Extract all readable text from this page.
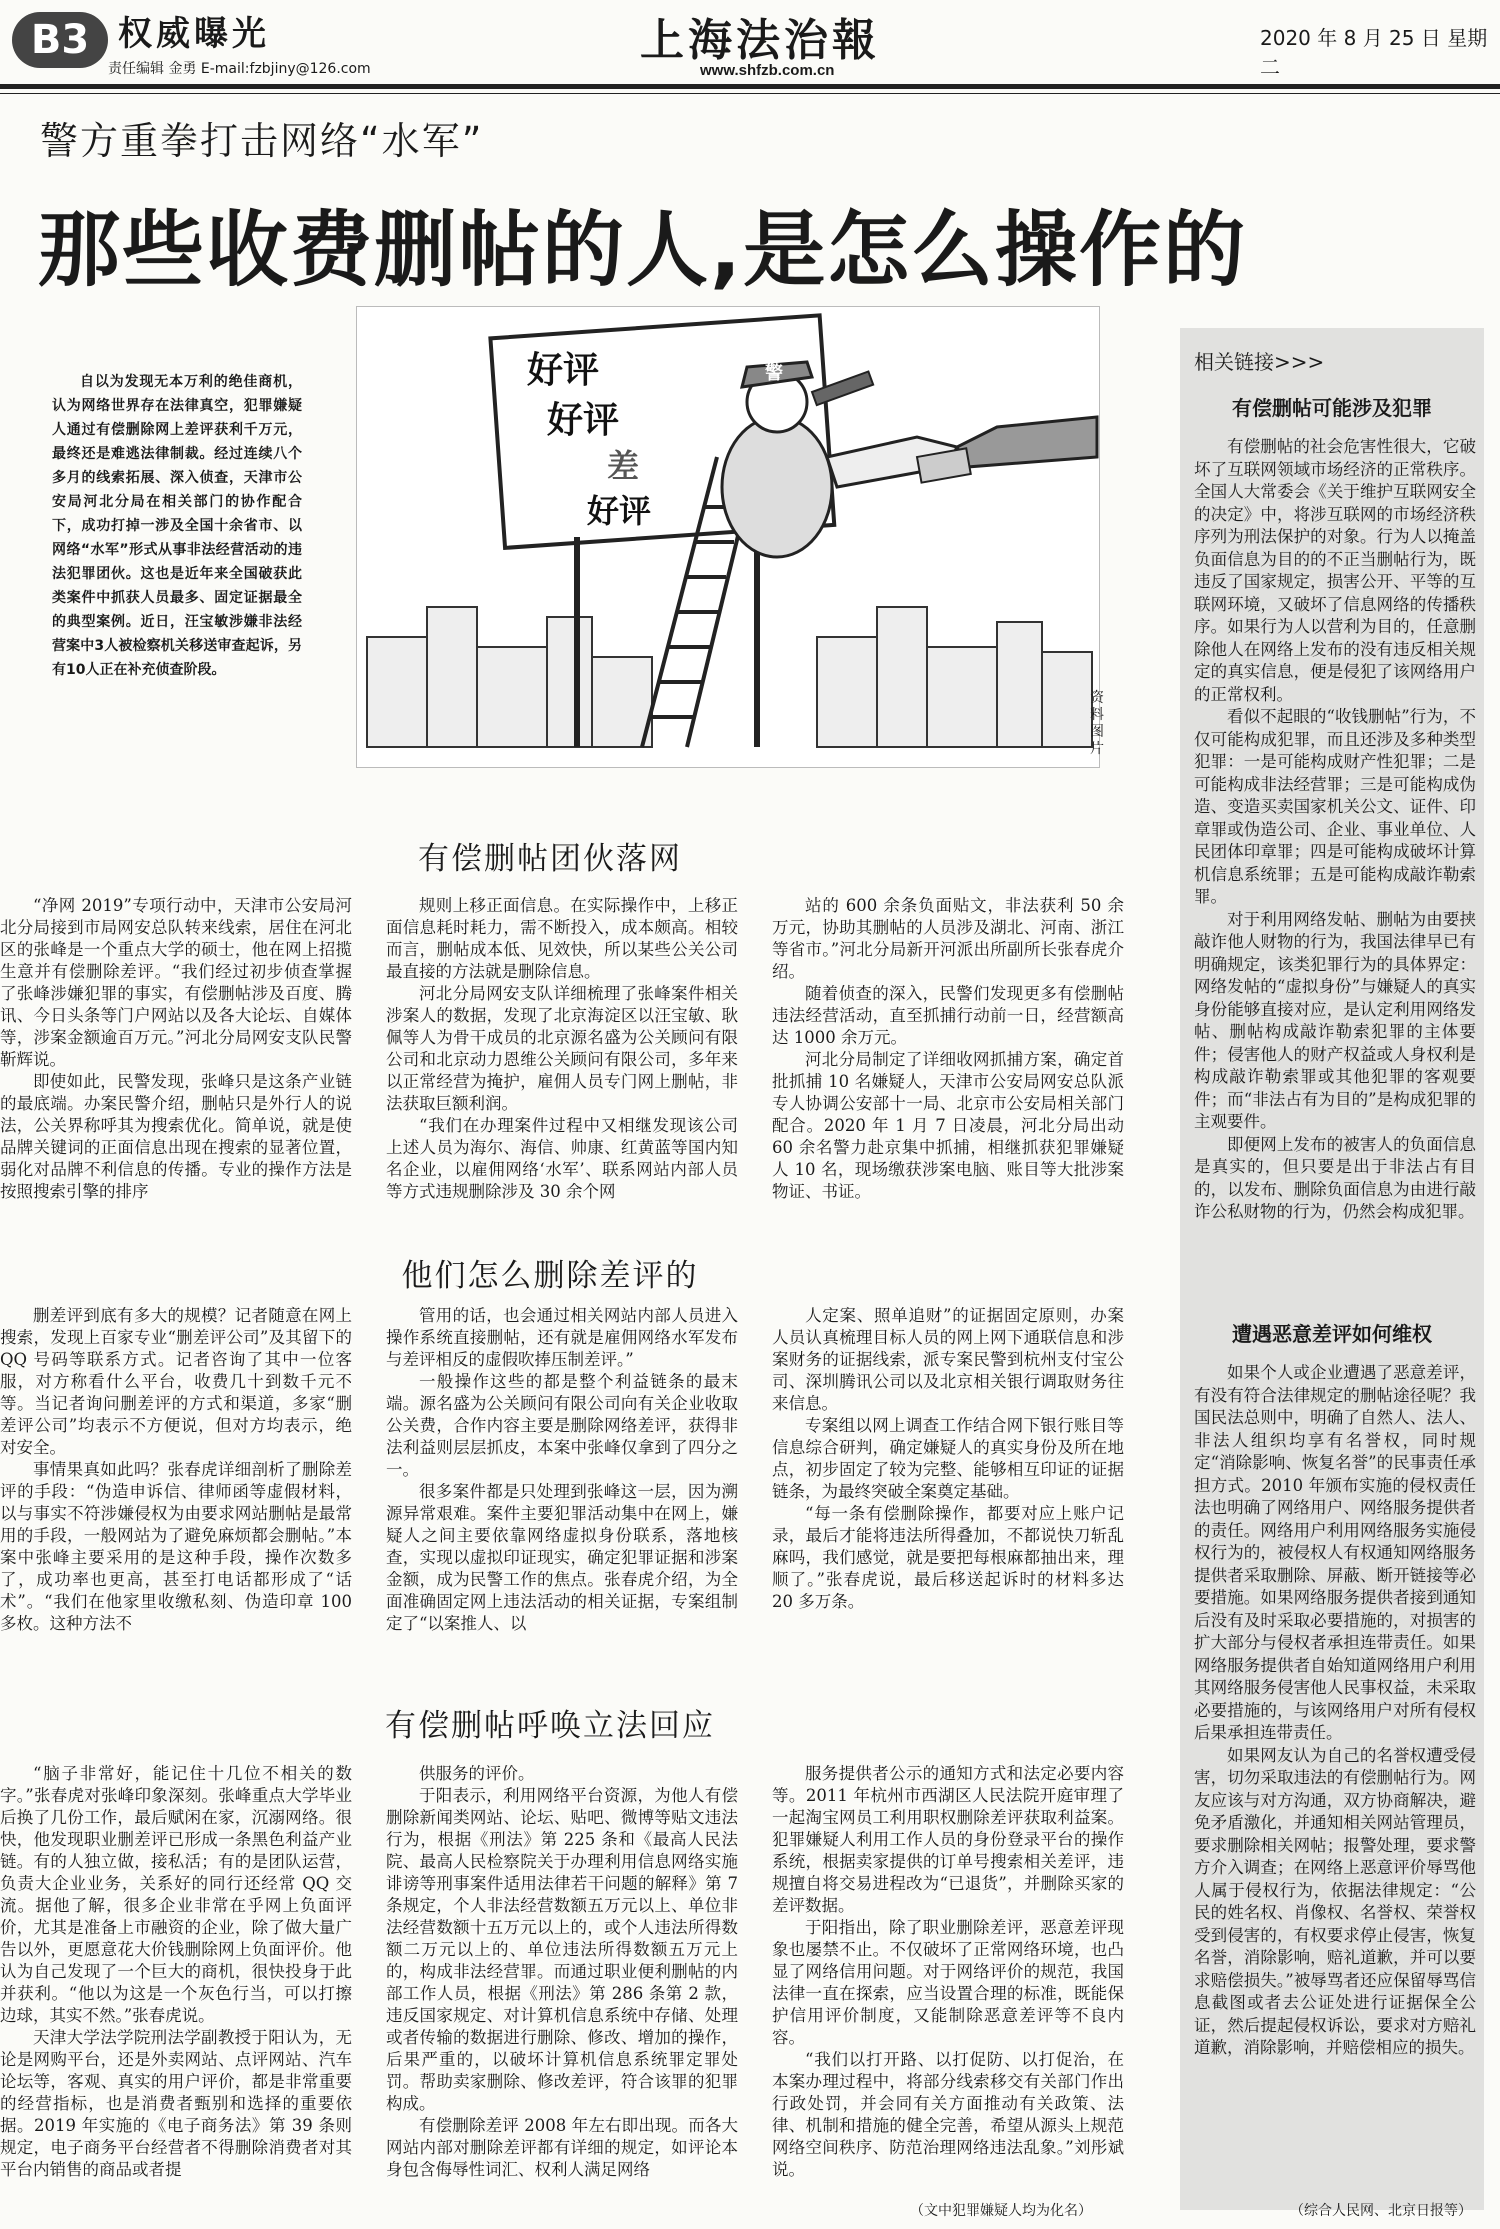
B3 权威曝光
责任编辑 金勇 E-mail:fzbjiny@126.com
上海法治報
www.shfzb.com.cn
2020 年 8 月 25 日 星期二
警方重拳打击网络“水军”
那些收费删帖的人,是怎么操作的
自以为发现无本万利的绝佳商机，认为网络世界存在法律真空，犯罪嫌疑人通过有偿删除网上差评获利千万元，最终还是难逃法律制裁。经过连续八个多月的线索拓展、深入侦查，天津市公安局河北分局在相关部门的协作配合下，成功打掉一涉及全国十余省市、以网络“水军”形式从事非法经营活动的违法犯罪团伙。这也是近年来全国破获此类案件中抓获人员最多、固定证据最全的典型案例。近日，汪宝敏涉嫌非法经营案中3人被检察机关移送审查起诉，另有10人正在补充侦查阶段。
好评
好评
差
好评
警
资料图片
有偿删帖团伙落网

“净网 2019”专项行动中，天津市公安局河北分局接到市局网安总队转来线索，居住在河北区的张峰是一个重点大学的硕士，他在网上招揽生意并有偿删除差评。“我们经过初步侦查掌握了张峰涉嫌犯罪的事实，有偿删帖涉及百度、腾讯、今日头条等门户网站以及各大论坛、自媒体等，涉案金额逾百万元。”河北分局网安支队民警靳辉说。

即使如此，民警发现，张峰只是这条产业链的最底端。办案民警介绍，删帖只是外行人的说法，公关界称呼其为搜索优化。简单说，就是使品牌关键词的正面信息出现在搜索的显著位置，弱化对品牌不利信息的传播。专业的操作方法是按照搜索引擎的排序

规则上移正面信息。在实际操作中，上移正面信息耗时耗力，需不断投入，成本颇高。相较而言，删帖成本低、见效快，所以某些公关公司最直接的方法就是删除信息。

河北分局网安支队详细梳理了张峰案件相关涉案人的数据，发现了北京海淀区以汪宝敏、耿佩等人为骨干成员的北京源名盛为公关顾问有限公司和北京动力恩维公关顾问有限公司，多年来以正常经营为掩护，雇佣人员专门网上删帖，非法获取巨额利润。

“我们在办理案件过程中又相继发现该公司上述人员为海尔、海信、帅康、红黄蓝等国内知名企业，以雇佣网络‘水军’、联系网站内部人员等方式违规删除涉及 30 余个网

站的 600 余条负面贴文，非法获利 50 余万元，协助其删帖的人员涉及湖北、河南、浙江等省市。”河北分局新开河派出所副所长张春虎介绍。

随着侦查的深入，民警们发现更多有偿删帖违法经营活动，直至抓捕行动前一日，经营额高达 1000 余万元。

河北分局制定了详细收网抓捕方案，确定首批抓捕 10 名嫌疑人，天津市公安局网安总队派专人协调公安部十一局、北京市公安局相关部门配合。2020 年 1 月 7 日凌晨，河北分局出动 60 余名警力赴京集中抓捕，相继抓获犯罪嫌疑人 10 名，现场缴获涉案电脑、账目等大批涉案物证、书证。

他们怎么删除差评的

删差评到底有多大的规模？记者随意在网上搜索，发现上百家专业“删差评公司”及其留下的 QQ 号码等联系方式。记者咨询了其中一位客服，对方称看什么平台，收费几十到数千元不等。当记者询问删差评的方式和渠道，多家“删差评公司”均表示不方便说，但对方均表示，绝对安全。

事情果真如此吗？张春虎详细剖析了删除差评的手段：“伪造申诉信、律师函等虚假材料，以与事实不符涉嫌侵权为由要求网站删帖是最常用的手段，一般网站为了避免麻烦都会删帖。”本案中张峰主要采用的是这种手段，操作次数多了，成功率也更高，甚至打电话都形成了“话术”。“我们在他家里收缴私刻、伪造印章 100 多枚。这种方法不

管用的话，也会通过相关网站内部人员进入操作系统直接删帖，还有就是雇佣网络水军发布与差评相反的虚假吹捧压制差评。”

一般操作这些的都是整个利益链条的最末端。源名盛为公关顾问有限公司向有关企业收取公关费，合作内容主要是删除网络差评，获得非法利益则层层抓皮，本案中张峰仅拿到了四分之一。

很多案件都是只处理到张峰这一层，因为溯源异常艰难。案件主要犯罪活动集中在网上，嫌疑人之间主要依靠网络虚拟身份联系，落地核查，实现以虚拟印证现实，确定犯罪证据和涉案金额，成为民警工作的焦点。张春虎介绍，为全面准确固定网上违法活动的相关证据，专案组制定了“以案推人、以

人定案、照单追财”的证据固定原则，办案人员认真梳理目标人员的网上网下通联信息和涉案财务的证据线索，派专案民警到杭州支付宝公司、深圳腾讯公司以及北京相关银行调取财务往来信息。

专案组以网上调查工作结合网下银行账目等信息综合研判，确定嫌疑人的真实身份及所在地点，初步固定了较为完整、能够相互印证的证据链条，为最终突破全案奠定基础。

“每一条有偿删除操作，都要对应上账户记录，最后才能将违法所得叠加，不都说快刀斩乱麻吗，我们感觉，就是要把每根麻都抽出来，理顺了。”张春虎说，最后移送起诉时的材料多达 20 多万条。

有偿删帖呼唤立法回应

“脑子非常好，能记住十几位不相关的数字。”张春虎对张峰印象深刻。张峰重点大学毕业后换了几份工作，最后赋闲在家，沉溺网络。很快，他发现职业删差评已形成一条黑色利益产业链。有的人独立做，接私活；有的是团队运营，负责大企业业务，关系好的同行还经常 QQ 交流。据他了解，很多企业非常在乎网上负面评价，尤其是准备上市融资的企业，除了做大量广告以外，更愿意花大价钱删除网上负面评价。他认为自己发现了一个巨大的商机，很快投身于此并获利。“他以为这是一个灰色行当，可以打擦边球，其实不然。”张春虎说。

天津大学法学院刑法学副教授于阳认为，无论是网购平台，还是外卖网站、点评网站、汽车论坛等，客观、真实的用户评价，都是非常重要的经营指标，也是消费者甄别和选择的重要依据。2019 年实施的《电子商务法》第 39 条则规定，电子商务平台经营者不得删除消费者对其平台内销售的商品或者提

供服务的评价。

于阳表示，利用网络平台资源，为他人有偿删除新闻类网站、论坛、贴吧、微博等贴文违法行为，根据《刑法》第 225 条和《最高人民法院、最高人民检察院关于办理利用信息网络实施诽谤等刑事案件适用法律若干问题的解释》第 7 条规定，个人非法经营数额五万元以上、单位非法经营数额十五万元以上的，或个人违法所得数额二万元以上的、单位违法所得数额五万元上的，构成非法经营罪。而通过职业便利删帖的内部工作人员，根据《刑法》第 286 条第 2 款，违反国家规定、对计算机信息系统中存储、处理或者传输的数据进行删除、修改、增加的操作，后果严重的，以破坏计算机信息系统罪定罪处罚。帮助卖家删除、修改差评，符合该罪的犯罪构成。

有偿删除差评 2008 年左右即出现。而各大网站内部对删除差评都有详细的规定，如评论本身包含侮辱性词汇、权利人满足网络

服务提供者公示的通知方式和法定必要内容等。2011 年杭州市西湖区人民法院开庭审理了一起淘宝网员工利用职权删除差评获取利益案。犯罪嫌疑人利用工作人员的身份登录平台的操作系统，根据卖家提供的订单号搜索相关差评，违规擅自将交易进程改为“已退货”，并删除买家的差评数据。

于阳指出，除了职业删除差评，恶意差评现象也屡禁不止。不仅破坏了正常网络环境，也凸显了网络信用问题。对于网络评价的规范，我国法律一直在探索，应当设置合理的标准，既能保护信用评价制度，又能制除恶意差评等不良内容。

“我们以打开路、以打促防、以打促治，在本案办理过程中，将部分线索移交有关部门作出行政处罚，并会同有关方面推动有关政策、法律、机制和措施的健全完善，希望从源头上规范网络空间秩序、防范治理网络违法乱象。”刘彤斌说。

（文中犯罪嫌疑人均为化名）
相关链接>>>
有偿删帖可能涉及犯罪

有偿删帖的社会危害性很大，它破坏了互联网领域市场经济的正常秩序。全国人大常委会《关于维护互联网安全的决定》中，将涉互联网的市场经济秩序列为刑法保护的对象。行为人以掩盖负面信息为目的的不正当删帖行为，既违反了国家规定，损害公开、平等的互联网环境，又破坏了信息网络的传播秩序。如果行为人以营利为目的，任意删除他人在网络上发布的没有违反相关规定的真实信息，便是侵犯了该网络用户的正常权利。

看似不起眼的“收钱删帖”行为，不仅可能构成犯罪，而且还涉及多种类型犯罪：一是可能构成财产性犯罪；二是可能构成非法经营罪；三是可能构成伪造、变造买卖国家机关公文、证件、印章罪或伪造公司、企业、事业单位、人民团体印章罪；四是可能构成破坏计算机信息系统罪；五是可能构成敲诈勒索罪。

对于利用网络发帖、删帖为由要挟敲诈他人财物的行为，我国法律早已有明确规定，该类犯罪行为的具体界定：网络发帖的“虚拟身份”与嫌疑人的真实身份能够直接对应，是认定利用网络发帖、删帖构成敲诈勒索犯罪的主体要件；侵害他人的财产权益或人身权利是构成敲诈勒索罪或其他犯罪的客观要件；而“非法占有为目的”是构成犯罪的主观要件。

即便网上发布的被害人的负面信息是真实的，但只要是出于非法占有目的，以发布、删除负面信息为由进行敲诈公私财物的行为，仍然会构成犯罪。

遭遇恶意差评如何维权

如果个人或企业遭遇了恶意差评，有没有符合法律规定的删帖途径呢？我国民法总则中，明确了自然人、法人、非法人组织均享有名誉权，同时规定“消除影响、恢复名誉”的民事责任承担方式。2010 年颁布实施的侵权责任法也明确了网络用户、网络服务提供者的责任。网络用户利用网络服务实施侵权行为的，被侵权人有权通知网络服务提供者采取删除、屏蔽、断开链接等必要措施。如果网络服务提供者接到通知后没有及时采取必要措施的，对损害的扩大部分与侵权者承担连带责任。如果网络服务提供者自始知道网络用户利用其网络服务侵害他人民事权益，未采取必要措施的，与该网络用户对所有侵权后果承担连带责任。

如果网友认为自己的名誉权遭受侵害，切勿采取违法的有偿删帖行为。网友应该与对方沟通，双方协商解决，避免矛盾激化，并通知相关网站管理员，要求删除相关网帖；报警处理，要求警方介入调查；在网络上恶意评价辱骂他人属于侵权行为，依据法律规定：“公民的姓名权、肖像权、名誉权、荣誉权受到侵害的，有权要求停止侵害，恢复名誉，消除影响，赔礼道歉，并可以要求赔偿损失。”被辱骂者还应保留辱骂信息截图或者去公证处进行证据保全公证，然后提起侵权诉讼，要求对方赔礼道歉，消除影响，并赔偿相应的损失。

（综合人民网、北京日报等）
